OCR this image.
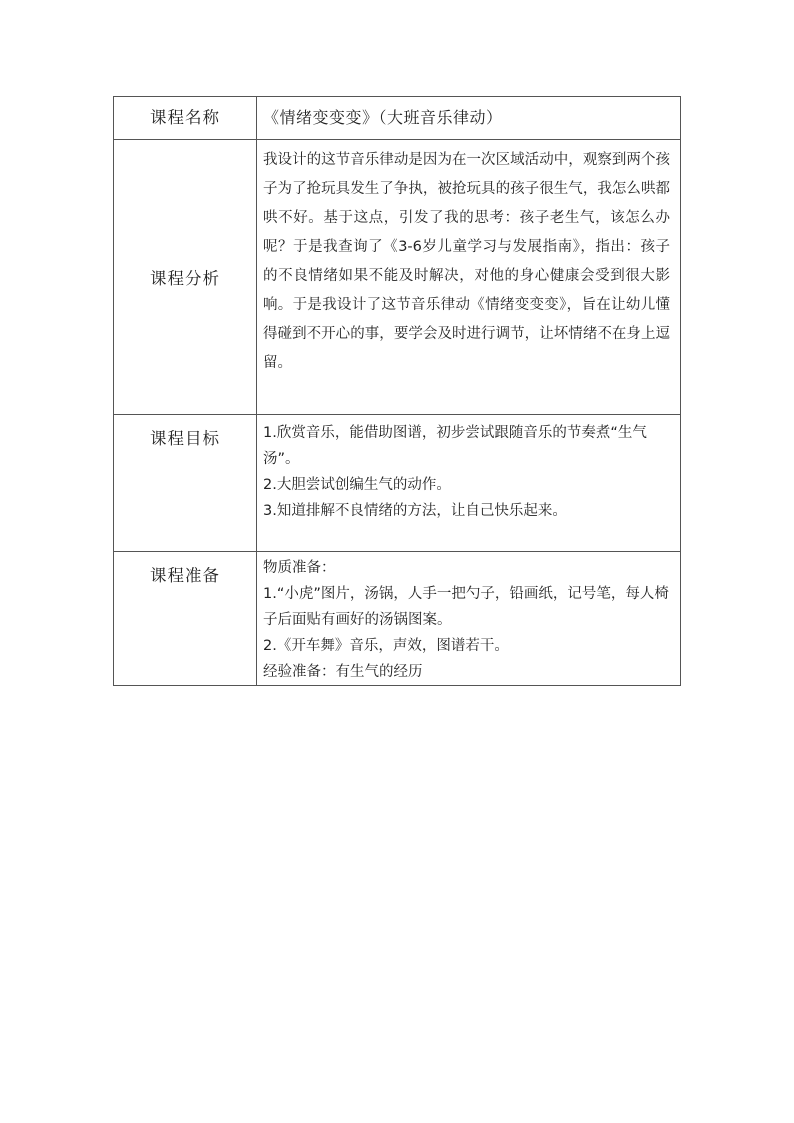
课程名称	《情绪变变变》（大班音乐律动）

课程分析	我设计的这节音乐律动是因为在一次区域活动中，观察到两个孩子为了抢玩具发生了争执，被抢玩具的孩子很生气，我怎么哄都哄不好。基于这点，引发了我的思考：孩子老生气，该怎么办呢？于是我查询了《3-6岁儿童学习与发展指南》，指出：孩子的不良情绪如果不能及时解决，对他的身心健康会受到很大影响。于是我设计了这节音乐律动《情绪变变变》，旨在让幼儿懂得碰到不开心的事，要学会及时进行调节，让坏情绪不在身上逗留。

课程目标	1.欣赏音乐，能借助图谱，初步尝试跟随音乐的节奏煮“生气汤”。
2.大胆尝试创编生气的动作。
3.知道排解不良情绪的方法，让自己快乐起来。

课程准备	物质准备：
1.“小虎”图片，汤锅，人手一把勺子，铅画纸，记号笔，每人椅子后面贴有画好的汤锅图案。
2.《开车舞》音乐，声效，图谱若干。
经验准备：有生气的经历
